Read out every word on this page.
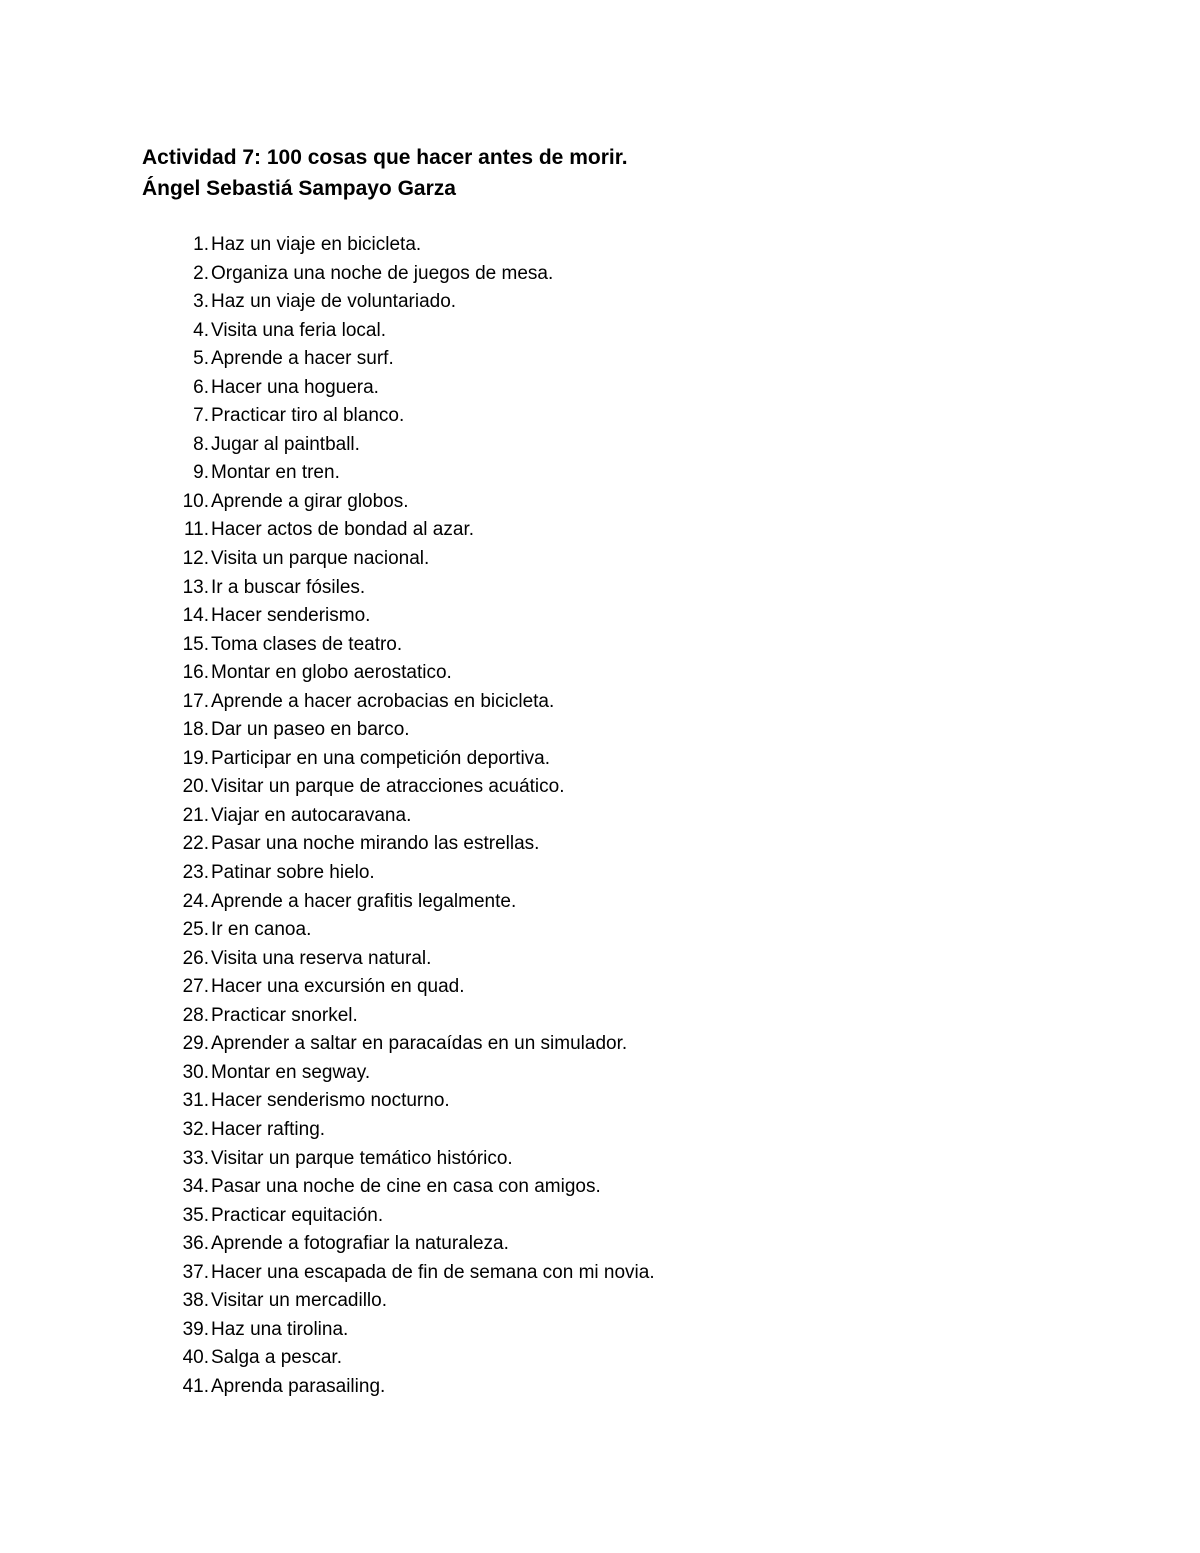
Actividad 7: 100 cosas que hacer antes de morir.
Ángel Sebastiá Sampayo Garza
1. Haz un viaje en bicicleta.
2. Organiza una noche de juegos de mesa.
3. Haz un viaje de voluntariado.
4. Visita una feria local.
5. Aprende a hacer surf.
6. Hacer una hoguera.
7. Practicar tiro al blanco.
8. Jugar al paintball.
9. Montar en tren.
10. Aprende a girar globos.
11. Hacer actos de bondad al azar.
12. Visita un parque nacional.
13. Ir a buscar fósiles.
14. Hacer senderismo.
15. Toma clases de teatro.
16. Montar en globo aerostatico.
17. Aprende a hacer acrobacias en bicicleta.
18. Dar un paseo en barco.
19. Participar en una competición deportiva.
20. Visitar un parque de atracciones acuático.
21. Viajar en autocaravana.
22. Pasar una noche mirando las estrellas.
23. Patinar sobre hielo.
24. Aprende a hacer grafitis legalmente.
25. Ir en canoa.
26. Visita una reserva natural.
27. Hacer una excursión en quad.
28. Practicar snorkel.
29. Aprender a saltar en paracaídas en un simulador.
30. Montar en segway.
31. Hacer senderismo nocturno.
32. Hacer rafting.
33. Visitar un parque temático histórico.
34. Pasar una noche de cine en casa con amigos.
35. Practicar equitación.
36. Aprende a fotografiar la naturaleza.
37. Hacer una escapada de fin de semana con mi novia.
38. Visitar un mercadillo.
39. Haz una tirolina.
40. Salga a pescar.
41. Aprenda parasailing.
